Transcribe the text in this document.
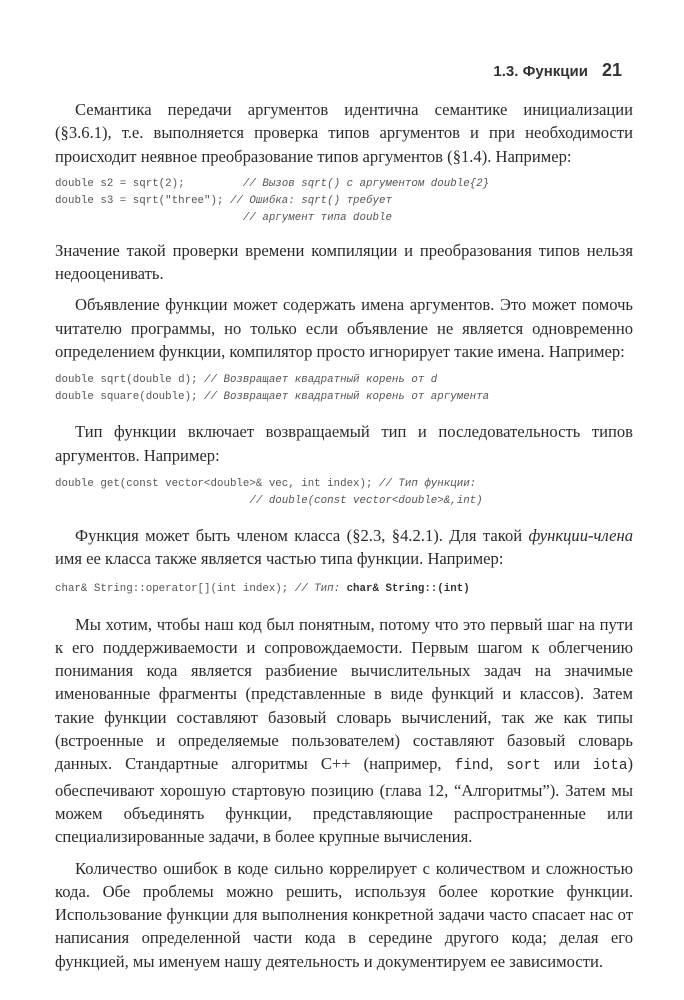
1.3. Функции 21

Семантика передачи аргументов идентична семантике инициализации (§3.6.1), т.е. выполняется проверка типов аргументов и при необходимости происходит неявное преобразование типов аргументов (§1.4). Например:

double s2 = sqrt(2);         // Вызов sqrt() с аргументом double{2}
double s3 = sqrt("three"); // Ошибка: sqrt() требует
// аргумент типа double

Значение такой проверки времени компиляции и преобразования типов нельзя недооценивать.

Объявление функции может содержать имена аргументов. Это может помочь читателю программы, но только если объявление не является одновременно определением функции, компилятор просто игнорирует такие имена. Например:

double sqrt(double d); // Возвращает квадратный корень от d
double square(double); // Возвращает квадратный корень от аргумента

Тип функции включает возвращаемый тип и последовательность типов аргументов. Например:

double get(const vector<double>& vec, int index); // Тип функции:
// double(const vector<double>&,int)

Функция может быть членом класса (§2.3, §4.2.1). Для такой функции-члена имя ее класса также является частью типа функции. Например:

char& String::operator[](int index); // Тип: char& String::(int)

Мы хотим, чтобы наш код был понятным, потому что это первый шаг на пути к его поддерживаемости и сопровождаемости. Первым шагом к облегчению понимания кода является разбиение вычислительных задач на значимые именованные фрагменты (представленные в виде функций и классов). Затем такие функции составляют базовый словарь вычислений, так же как типы (встроенные и определяемые пользователем) составляют базовый словарь данных. Стандартные алгоритмы С++ (например, find, sort или iota) обеспечивают хорошую стартовую позицию (глава 12, “Алгоритмы”). Затем мы можем объединять функции, представляющие распространенные или специализированные задачи, в более крупные вычисления.

Количество ошибок в коде сильно коррелирует с количеством и сложностью кода. Обе проблемы можно решить, используя более короткие функции. Использование функции для выполнения конкретной задачи часто спасает нас от написания определенной части кода в середине другого кода; делая его функцией, мы именуем нашу деятельность и документируем ее зависимости.
